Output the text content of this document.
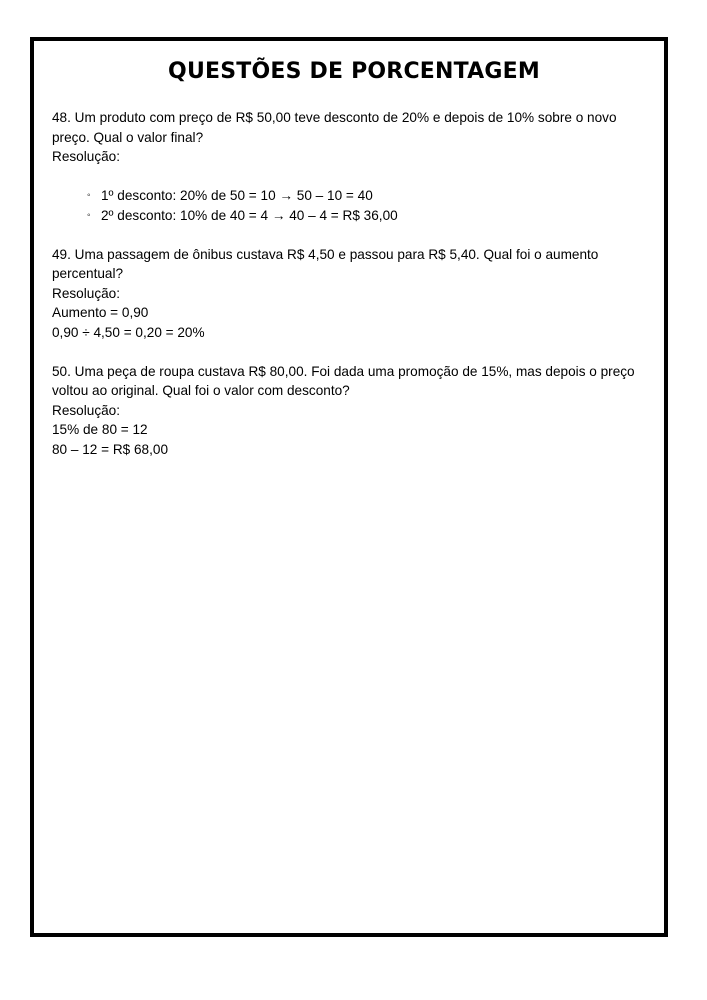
QUESTÕES DE PORCENTAGEM

48. Um produto com preço de R$ 50,00 teve desconto de 20% e depois de 10% sobre o novo preço. Qual o valor final?

Resolução:

◦ 1º desconto: 20% de 50 = 10 → 50 – 10 = 40
◦ 2º desconto: 10% de 40 = 4 → 40 – 4 = R$ 36,00

49. Uma passagem de ônibus custava R$ 4,50 e passou para R$ 5,40. Qual foi o aumento percentual?

Resolução:

Aumento = 0,90

0,90 ÷ 4,50 = 0,20 = 20%

50. Uma peça de roupa custava R$ 80,00. Foi dada uma promoção de 15%, mas depois o preço voltou ao original. Qual foi o valor com desconto?

Resolução:

15% de 80 = 12

80 – 12 = R$ 68,00
